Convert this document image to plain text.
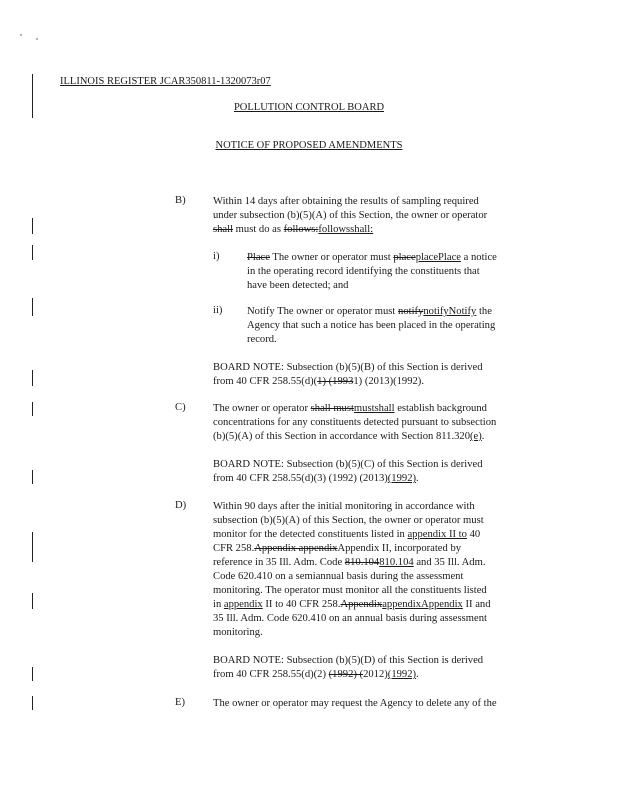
ILLINOIS REGISTER JCAR350811-1320073r07
POLLUTION CONTROL BOARD
NOTICE OF PROPOSED AMENDMENTS
B)	Within 14 days after obtaining the results of sampling required
under subsection (b)(5)(A) of this Section, the owner or operator
shall must do as follows:followsshall:
i)	Place The owner or operator must placeplacePlace a notice
in the operating record identifying the constituents that
have been detected; and
ii) Notify The owner or operator must notifynotifyNotify the
Agency that such a notice has been placed in the operating
record.
BOARD NOTE: Subsection (b)(5)(B) of this Section is derived
from 40 CFR 258.55(d)(1) (19931) (2013)(1992).
C)	The owner or operator shall mustmustshall establish background
concentrations for any constituents detected pursuant to subsection
(b)(5)(A) of this Section in accordance with Section 811.320(e).
BOARD NOTE: Subsection (b)(5)(C) of this Section is derived
from 40 CFR 258.55(d)(3) (1992) (2013)(1992).
D)	Within 90 days after the initial monitoring in accordance with
subsection (b)(5)(A) of this Section, the owner or operator must
monitor for the detected constituents listed in appendix II to 40
CFR 258.Appendix appendixAppendix II, incorporated by
reference in 35 Ill. Adm. Code 810.104810.104 and 35 Ill. Adm.
Code 620.410 on a semiannual basis during the assessment
monitoring. The operator must monitor all the constituents listed
in appendix II to 40 CFR 258.AppendixappendixAppendix II and
35 Ill. Adm. Code 620.410 on an annual basis during assessment
monitoring.
BOARD NOTE: Subsection (b)(5)(D) of this Section is derived
from 40 CFR 258.55(d)(2) (1992) (2012)(1992).
E)	The owner or operator may request the Agency to delete any of the
